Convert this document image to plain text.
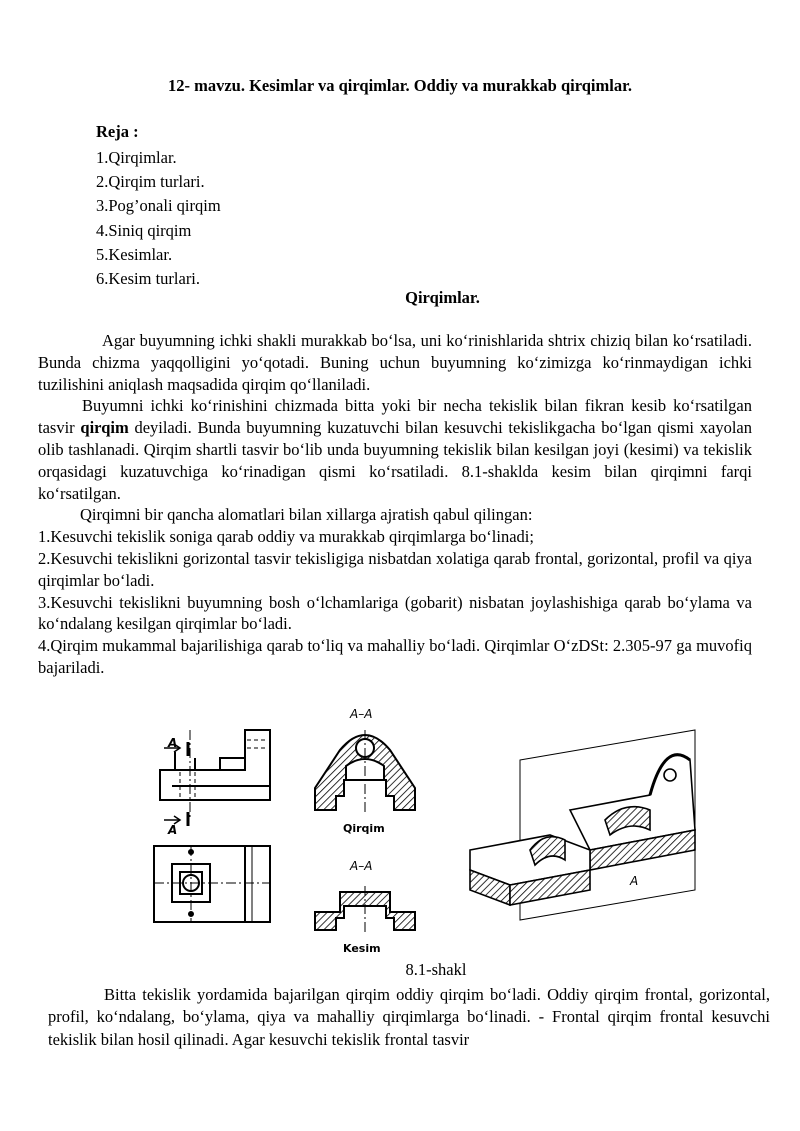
12- mavzu. Kesimlar va qirqimlar. Oddiy va murakkab qirqimlar.
Reja :
1.Qirqimlar.
2.Qirqim turlari.
3.Pog’onali qirqim
4.Siniq qirqim
5.Kesimlar.
6.Kesim turlari.
Qirqimlar.

Agar buyumning ichki shakli murakkab bo‘lsa, uni ko‘rinishlarida shtrix chiziq bilan ko‘rsatiladi. Bunda chizma yaqqolligini yo‘qotadi. Buning uchun buyumning ko‘zimizga ko‘rinmaydigan ichki tuzilishini aniqlash maqsadida qirqim qo‘llaniladi.

Buyumni ichki ko‘rinishini chizmada bitta yoki bir necha tekislik bilan fikran kesib ko‘rsatilgan tasvir qirqim deyiladi. Bunda buyumning kuzatuvchi bilan kesuvchi tekislikgacha bo‘lgan qismi xayolan olib tashlanadi. Qirqim shartli tasvir bo‘lib unda buyumning tekislik bilan kesilgan joyi (kesimi) va tekislik orqasidagi kuzatuvchiga ko‘rinadigan qismi ko‘rsatiladi. 8.1-shaklda kesim bilan qirqimni farqi ko‘rsatilgan.

Qirqimni bir qancha alomatlari bilan xillarga ajratish qabul qilingan:

1.Kesuvchi tekislik soniga qarab oddiy va murakkab qirqimlarga bo‘linadi;

2.Kesuvchi tekislikni gorizontal tasvir tekisligiga nisbatdan xolatiga qarab frontal, gorizontal, profil va qiya qirqimlar bo‘ladi.

3.Kesuvchi tekislikni buyumning bosh o‘lchamlariga (gobarit) nisbatan joylashishiga qarab bo‘ylama va ko‘ndalang kesilgan qirqimlar bo‘ladi.

4.Qirqim mukammal bajarilishiga qarab to‘liq va mahalliy bo‘ladi. Qirqimlar O‘zDSt: 2.305-97 ga muvofiq bajariladi.

A
A
A–A
Qirqim
A–A
Kesim
A
8.1-shakl

Bitta tekislik yordamida bajarilgan qirqim oddiy qirqim bo‘ladi. Oddiy qirqim frontal, gorizontal, profil, ko‘ndalang, bo‘ylama, qiya va mahalliy qirqimlarga bo‘linadi. - Frontal qirqim frontal kesuvchi tekislik bilan hosil qilinadi. Agar kesuvchi tekislik frontal tasvir
